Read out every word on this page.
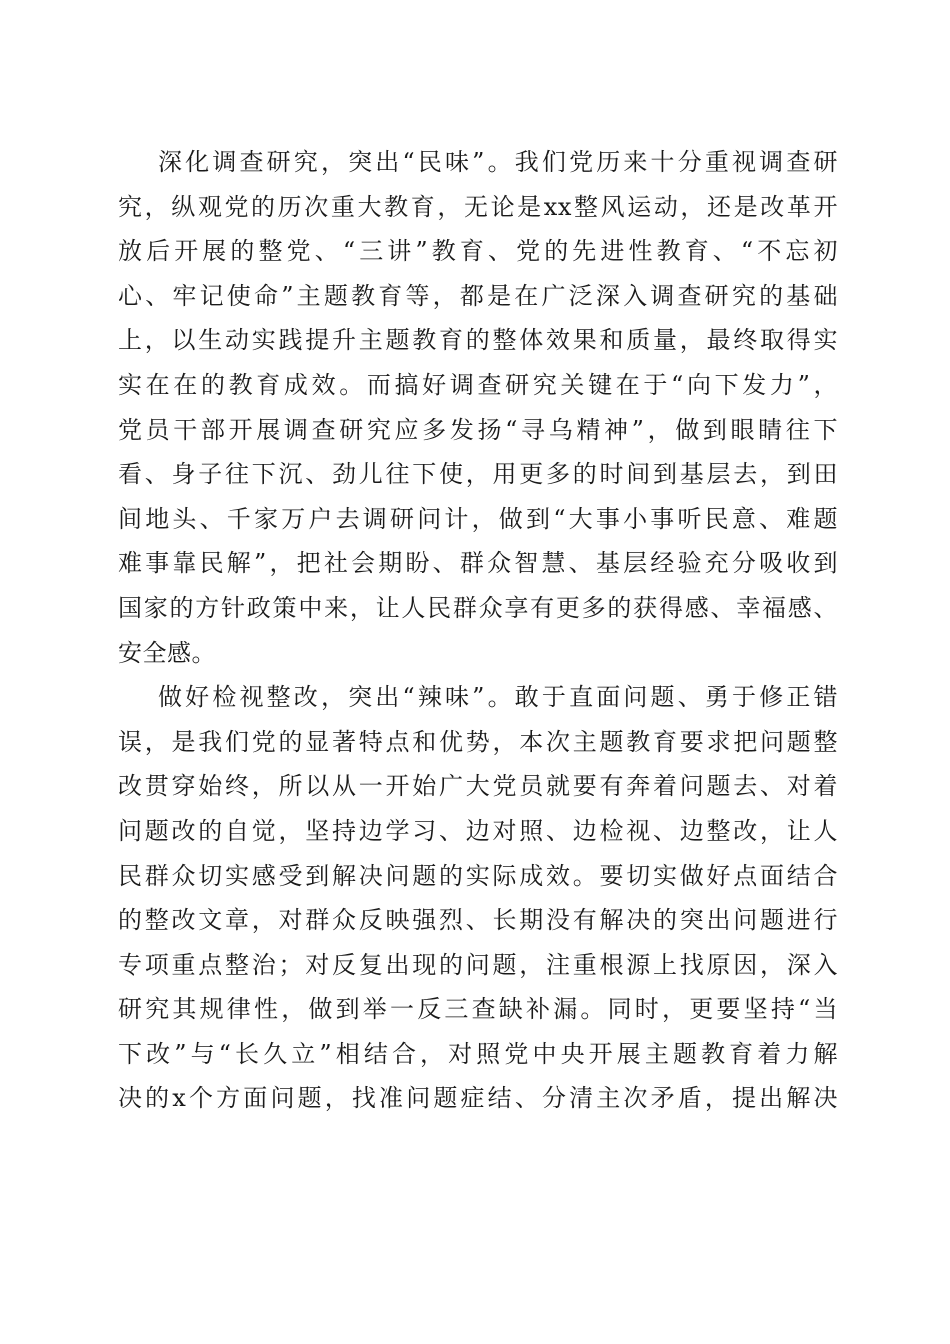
深化调查研究，突出“民味”。我们党历来十分重视调查研
究，纵观党的历次重大教育，无论是xx整风运动，还是改革开
放后开展的整党、“三讲”教育、党的先进性教育、“不忘初
心、牢记使命”主题教育等，都是在广泛深入调查研究的基础
上，以生动实践提升主题教育的整体效果和质量，最终取得实
实在在的教育成效。而搞好调查研究关键在于“向下发力”，
党员干部开展调查研究应多发扬“寻乌精神”，做到眼睛往下
看、身子往下沉、劲儿往下使，用更多的时间到基层去，到田
间地头、千家万户去调研问计，做到“大事小事听民意、难题
难事靠民解”，把社会期盼、群众智慧、基层经验充分吸收到
国家的方针政策中来，让人民群众享有更多的获得感、幸福感、
安全感。
做好检视整改，突出“辣味”。敢于直面问题、勇于修正错
误，是我们党的显著特点和优势，本次主题教育要求把问题整
改贯穿始终，所以从一开始广大党员就要有奔着问题去、对着
问题改的自觉，坚持边学习、边对照、边检视、边整改，让人
民群众切实感受到解决问题的实际成效。要切实做好点面结合
的整改文章，对群众反映强烈、长期没有解决的突出问题进行
专项重点整治；对反复出现的问题，注重根源上找原因，深入
研究其规律性，做到举一反三查缺补漏。同时，更要坚持“当
下改”与“长久立”相结合，对照党中央开展主题教育着力解
决的x个方面问题，找准问题症结、分清主次矛盾，提出解决
